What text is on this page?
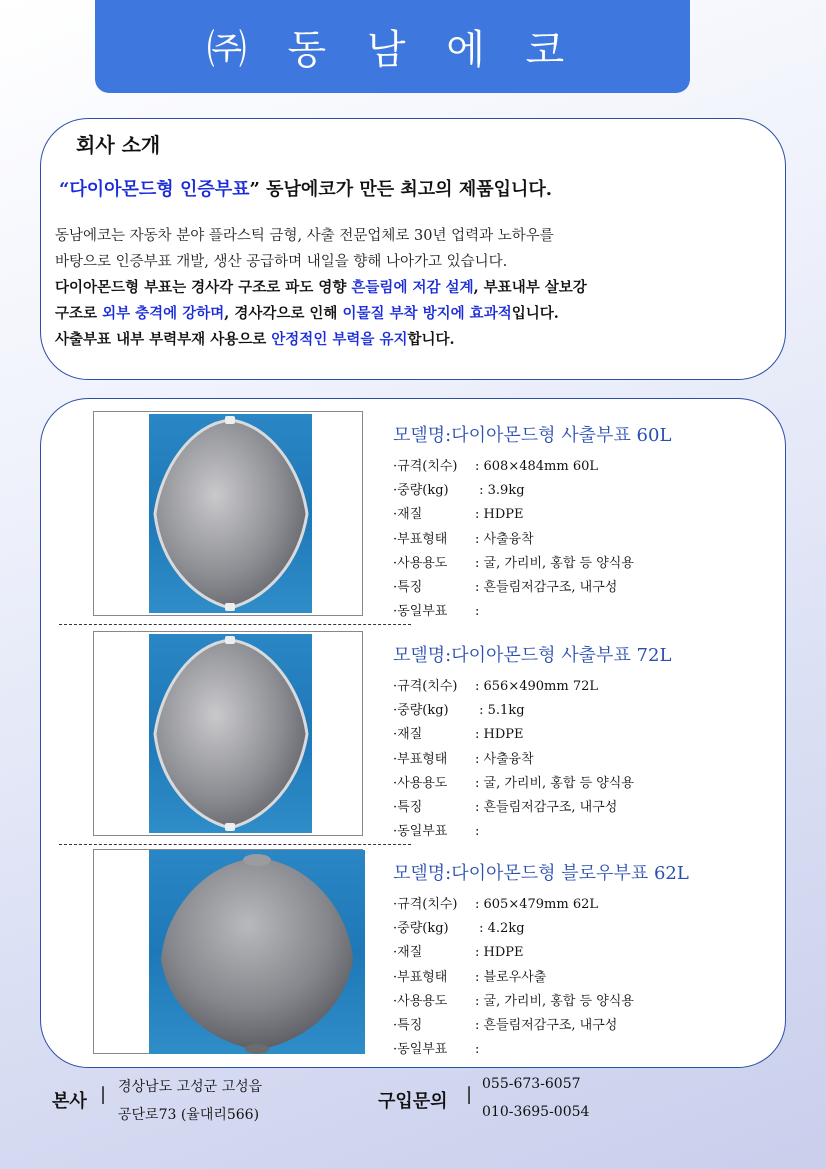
㈜ 동 남 에 코
회사 소개
“다이아몬드형 인증부표” 동남에코가 만든 최고의 제품입니다.
동남에코는 자동차 분야 플라스틱 금형, 사출 전문업체로 30년 업력과 노하우를
바탕으로 인증부표 개발, 생산 공급하며 내일을 향해 나아가고 있습니다.
다이아몬드형 부표는 경사각 구조로 파도 영향 흔들림에 저감 설계, 부표내부 살보강
구조로 외부 충격에 강하며, 경사각으로 인해 이물질 부착 방지에 효과적입니다.
사출부표 내부 부력부재 사용으로 안정적인 부력을 유지합니다.
모델명:다이아몬드형 사출부표 60L
·규격(치수) : 608×484mm 60L
·중량(kg) : 3.9kg
·재질	: HDPE
·부표형태 : 사출융착
·사용용도 : 굴, 가리비, 홍합 등 양식용
·특징	: 흔들림저감구조, 내구성
·동일부표 :
모델명:다이아몬드형 사출부표 72L
·규격(치수) : 656×490mm 72L
·중량(kg) : 5.1kg
·재질	: HDPE
·부표형태 : 사출융착
·사용용도 : 굴, 가리비, 홍합 등 양식용
·특징	: 흔들림저감구조, 내구성
·동일부표 :
모델명:다이아몬드형 블로우부표 62L
·규격(치수) : 605×479mm 62L
·중량(kg) : 4.2kg
·재질	: HDPE
·부표형태 : 블로우사출
·사용용도 : 굴, 가리비, 홍합 등 양식용
·특징	: 흔들림저감구조, 내구성
·동일부표 :
본사 | 경상남도 고성군 고성읍
공단로73 (율대리566)
구입문의 | 055-673-6057
010-3695-0054
